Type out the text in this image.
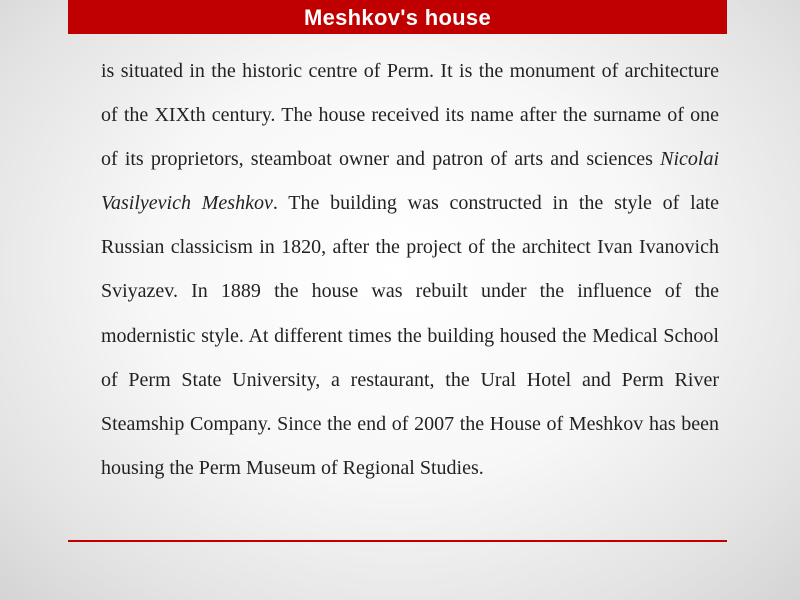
Meshkov's house

is situated in the historic centre of Perm. It is the monument of architecture of the XIXth century. The house received its name after the surname of one of its proprietors, steamboat owner and patron of arts and sciences Nicolai Vasilyevich Meshkov. The building was constructed in the style of late Russian classicism in 1820, after the project of the architect Ivan Ivanovich Sviyazev. In 1889 the house was rebuilt under the influence of the modernistic style. At different times the building housed the Medical School of Perm State University, a restaurant, the Ural Hotel and Perm River Steamship Company. Since the end of 2007 the House of Meshkov has been housing the Perm Museum of Regional Studies.
